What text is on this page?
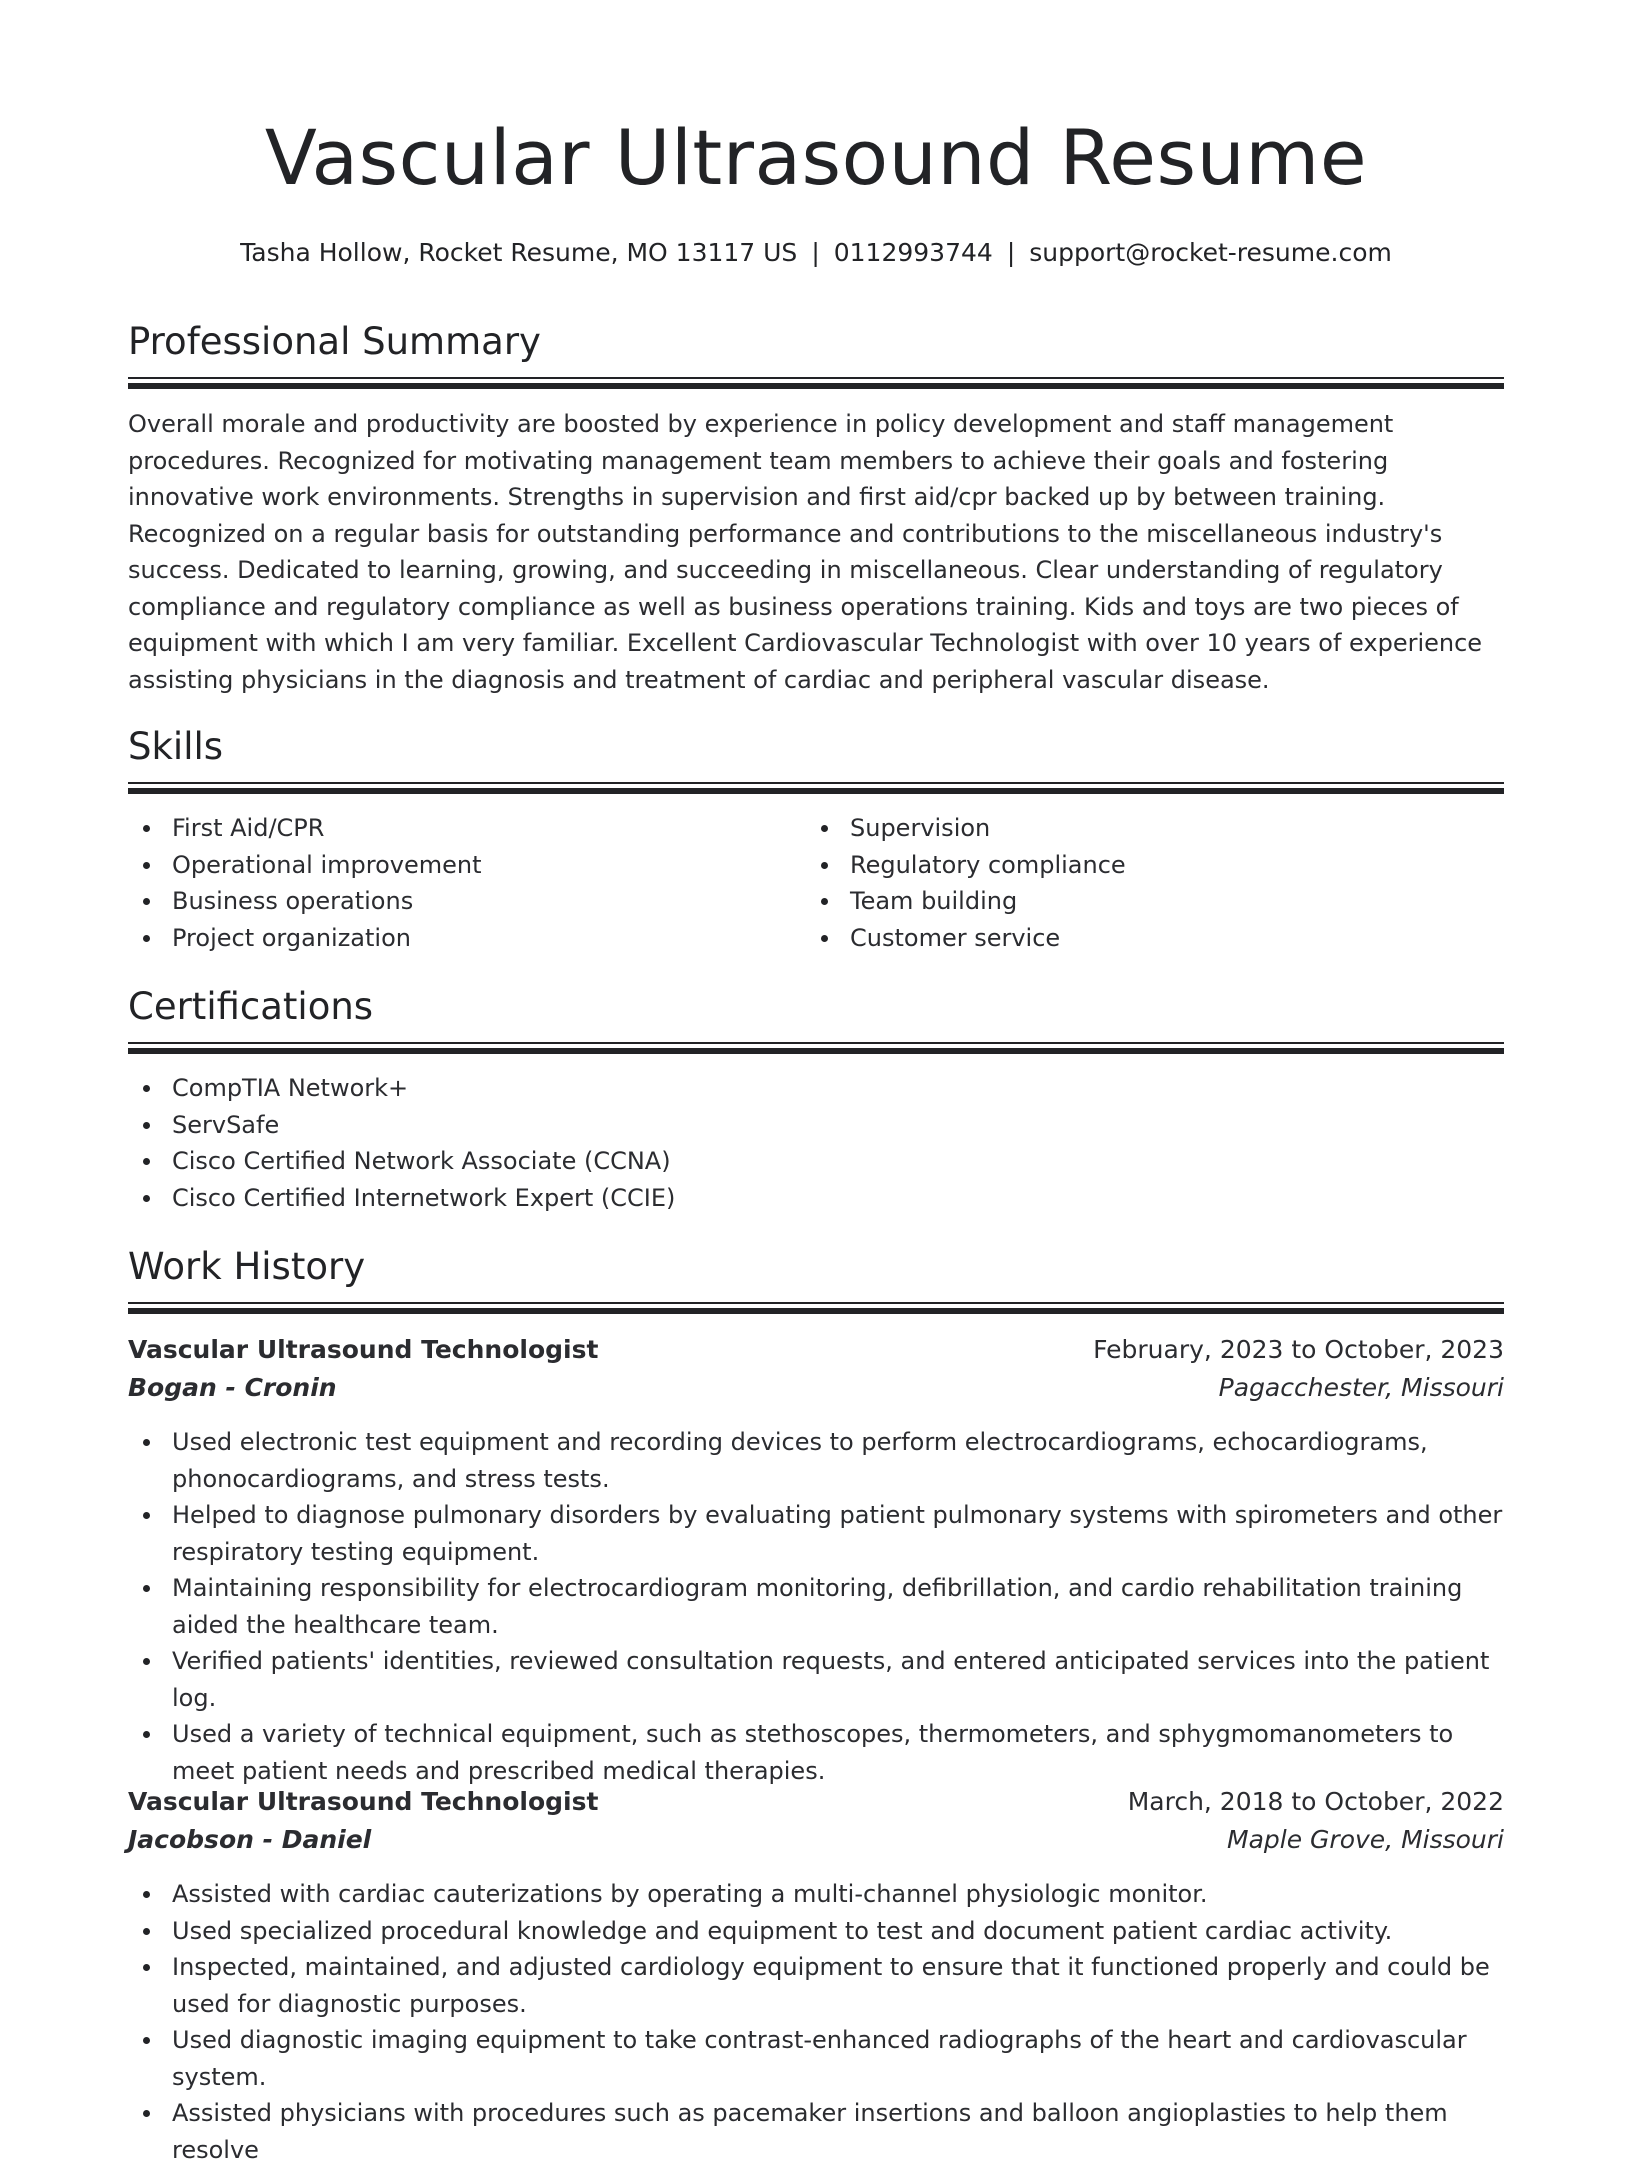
Vascular Ultrasound Resume
Tasha Hollow, Rocket Resume, MO 13117 US | 0112993744 | support@rocket-resume.com
Professional Summary

Overall morale and productivity are boosted by experience in policy development and staff management procedures. Recognized for motivating management team members to achieve their goals and fostering innovative work environments. Strengths in supervision and first aid/cpr backed up by between training. Recognized on a regular basis for outstanding performance and contributions to the miscellaneous industry's success. Dedicated to learning, growing, and succeeding in miscellaneous. Clear understanding of regulatory compliance and regulatory compliance as well as business operations training. Kids and toys are two pieces of equipment with which I am very familiar. Excellent Cardiovascular Technologist with over 10 years of experience assisting physicians in the diagnosis and treatment of cardiac and peripheral vascular disease.

Skills
First Aid/CPR
Operational improvement
Business operations
Project organization
Supervision
Regulatory compliance
Team building
Customer service
Certifications
CompTIA Network+
ServSafe
Cisco Certified Network Associate (CCNA)
Cisco Certified Internetwork Expert (CCIE)
Work History
Vascular Ultrasound Technologist	February, 2023 to October, 2023
Bogan - Cronin	Pagacchester, Missouri
Used electronic test equipment and recording devices to perform electrocardiograms, echocardiograms, phonocardiograms, and stress tests.
Helped to diagnose pulmonary disorders by evaluating patient pulmonary systems with spirometers and other respiratory testing equipment.
Maintaining responsibility for electrocardiogram monitoring, defibrillation, and cardio rehabilitation training aided the healthcare team.
Verified patients' identities, reviewed consultation requests, and entered anticipated services into the patient log.
Used a variety of technical equipment, such as stethoscopes, thermometers, and sphygmomanometers to meet patient needs and prescribed medical therapies.
Vascular Ultrasound Technologist	March, 2018 to October, 2022
Jacobson - Daniel	Maple Grove, Missouri
Assisted with cardiac cauterizations by operating a multi-channel physiologic monitor.
Used specialized procedural knowledge and equipment to test and document patient cardiac activity.
Inspected, maintained, and adjusted cardiology equipment to ensure that it functioned properly and could be used for diagnostic purposes.
Used diagnostic imaging equipment to take contrast-enhanced radiographs of the heart and cardiovascular system.
Assisted physicians with procedures such as pacemaker insertions and balloon angioplasties to help them resolve
